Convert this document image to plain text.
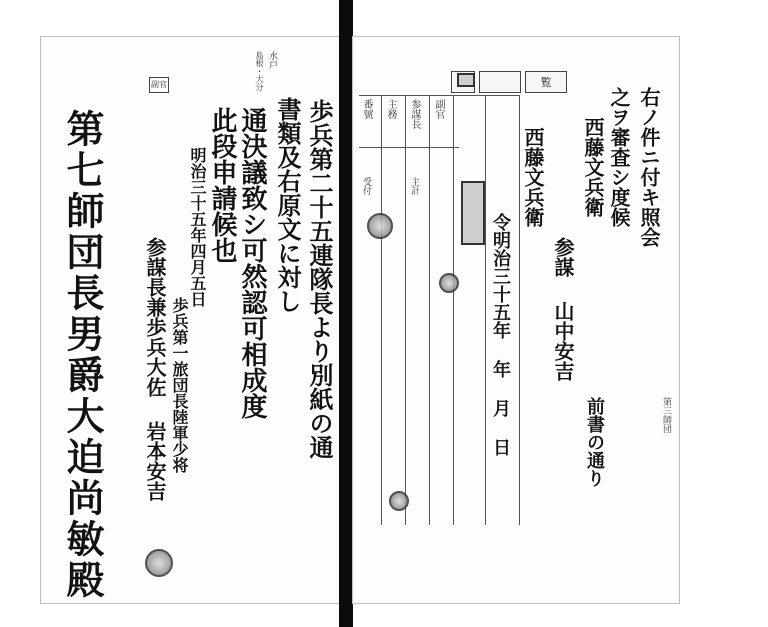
副官
水戸
島根・大分
第七師団長男爵大迫尚敏殿 参謀長兼歩兵大佐 岩本安吉
明治三十五年四月五日
歩兵第一旅団長陸軍少将
此段申請候也 通決議致シ可然認可相成度 書類及右原文に対し 歩兵第二十五連隊長より別紙の通
覧
番號 主務 参謀長 副官
受付	主計
令明治三十五年 年 月 日
西藤文兵衛
参謀 山中安吉
西藤文兵衛 之ヲ審査シ度候 右ノ件ニ付キ照会
前書の通り	第三師団
